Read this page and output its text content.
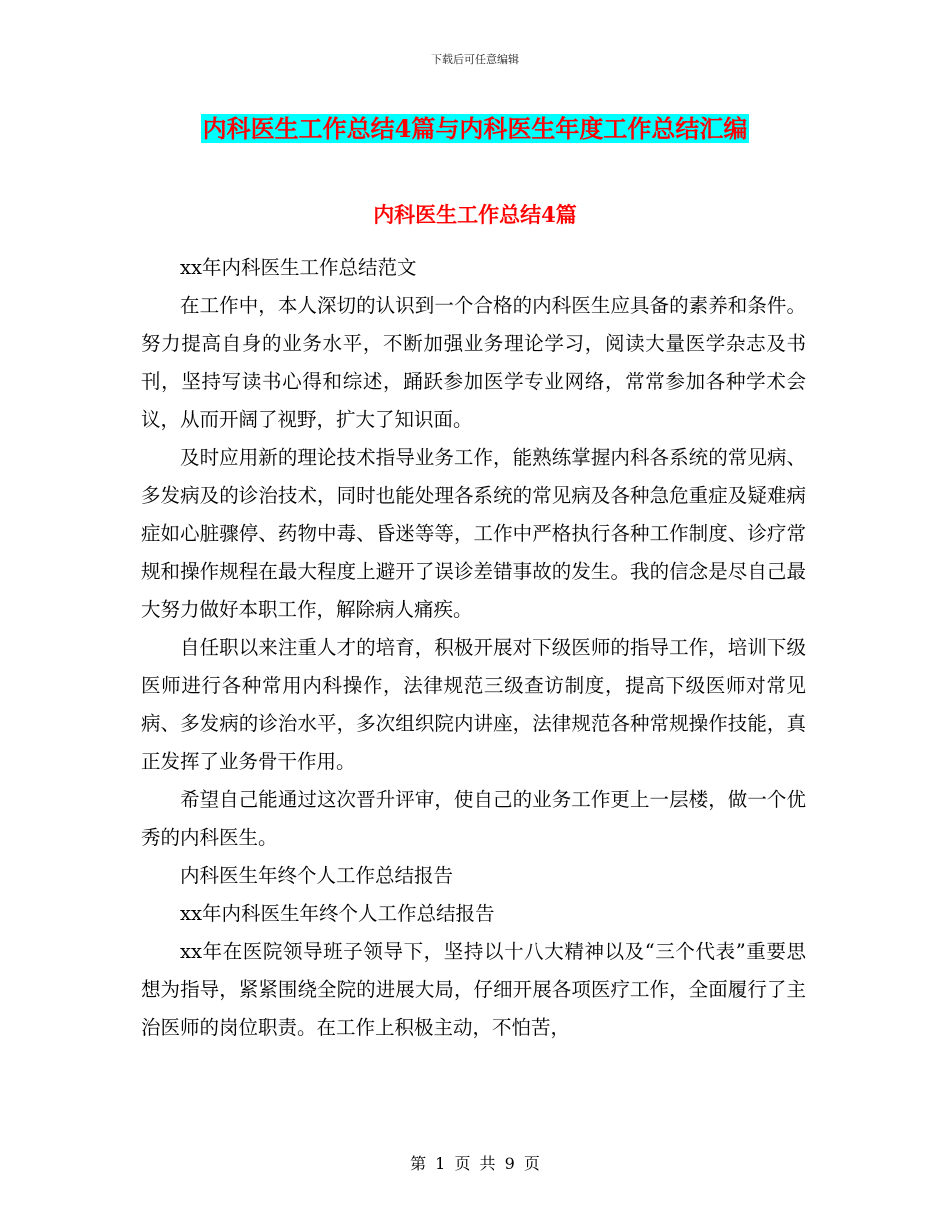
下载后可任意编辑
内科医生工作总结4篇与内科医生年度工作总结汇编
内科医生工作总结4篇

xx年内科医生工作总结范文

在工作中，本人深切的认识到一个合格的内科医生应具备的素养和条件。努力提高自身的业务水平，不断加强业务理论学习，阅读大量医学杂志及书刊，坚持写读书心得和综述，踊跃参加医学专业网络，常常参加各种学术会议，从而开阔了视野，扩大了知识面。

及时应用新的理论技术指导业务工作，能熟练掌握内科各系统的常见病、多发病及的诊治技术，同时也能处理各系统的常见病及各种急危重症及疑难病症如心脏骤停、药物中毒、昏迷等等，工作中严格执行各种工作制度、诊疗常规和操作规程在最大程度上避开了误诊差错事故的发生。我的信念是尽自己最大努力做好本职工作，解除病人痛疾。

自任职以来注重人才的培育，积极开展对下级医师的指导工作，培训下级医师进行各种常用内科操作，法律规范三级查访制度，提高下级医师对常见病、多发病的诊治水平，多次组织院内讲座，法律规范各种常规操作技能，真正发挥了业务骨干作用。

希望自己能通过这次晋升评审，使自己的业务工作更上一层楼，做一个优秀的内科医生。

内科医生年终个人工作总结报告

xx年内科医生年终个人工作总结报告

xx年在医院领导班子领导下，坚持以十八大精神以及“三个代表”重要思想为指导，紧紧围绕全院的进展大局，仔细开展各项医疗工作，全面履行了主治医师的岗位职责。在工作上积极主动，不怕苦，

第 1 页 共 9 页
